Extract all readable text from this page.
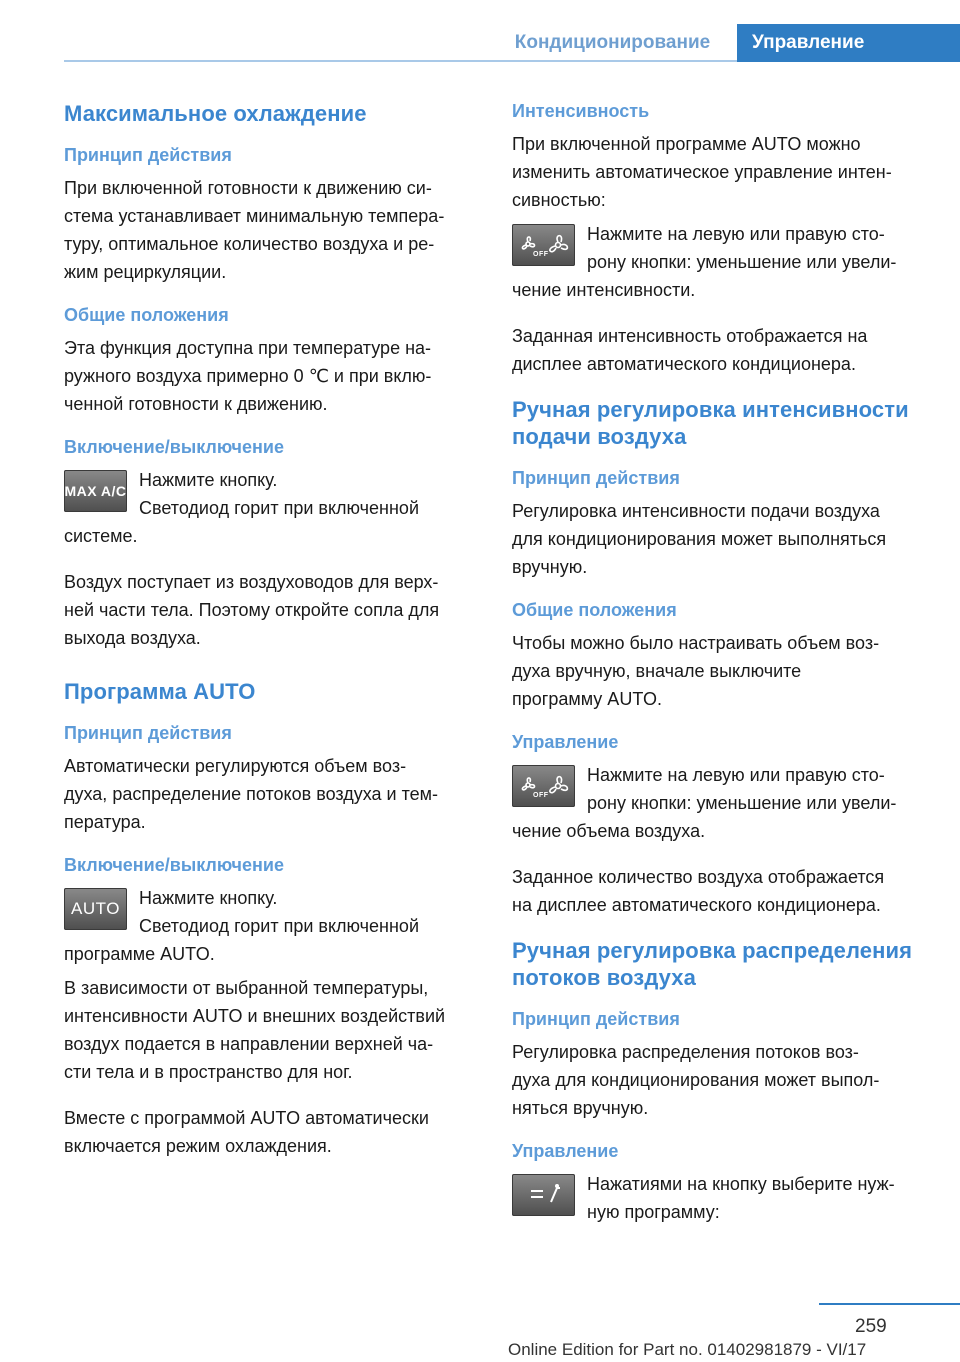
Кондиционирование	Управление
Максимальное охлаждение
Принцип действия

При включенной готовности к движению си-
стема устанавливает минимальную темпера-
туру, оптимальное количество воздуха и ре-
жим рециркуляции.

Общие положения

Эта функция доступна при температуре на-
ружного воздуха примерно 0 ℃ и при вклю-
ченной готовности к движению.

Включение/выключение
MAX A/C

Нажмите кнопку.
Светодиод горит при включенной
системе.

Воздух поступает из воздуховодов для верх-
ней части тела. Поэтому откройте сопла для
выхода воздуха.

Программа AUTO
Принцип действия

Автоматически регулируются объем воз-
духа, распределение потоков воздуха и тем-
пература.

Включение/выключение
AUTO

Нажмите кнопку.
Светодиод горит при включенной
программе AUTO.

В зависимости от выбранной температуры,
интенсивности AUTO и внешних воздействий
воздух подается в направлении верхней ча-
сти тела и в пространство для ног.

Вместе с программой AUTO автоматически
включается режим охлаждения.

Интенсивность

При включенной программе AUTO можно
изменить автоматическое управление интен-
сивностью:

OFF

Нажмите на левую или правую сто-
рону кнопки: уменьшение или увели-
чение интенсивности.

Заданная интенсивность отображается на
дисплее автоматического кондиционера.

Ручная регулировка интенсивности
подачи воздуха
Принцип действия

Регулировка интенсивности подачи воздуха
для кондиционирования может выполняться
вручную.

Общие положения

Чтобы можно было настраивать объем воз-
духа вручную, вначале выключите
программу AUTO.

Управление
OFF

Нажмите на левую или правую сто-
рону кнопки: уменьшение или увели-
чение объема воздуха.

Заданное количество воздуха отображается
на дисплее автоматического кондиционера.

Ручная регулировка распределения
потоков воздуха
Принцип действия

Регулировка распределения потоков воз-
духа для кондиционирования может выпол-
няться вручную.

Управление

Нажатиями на кнопку выберите нуж-
ную программу:

259
Online Edition for Part no. 01402981879 - VI/17
